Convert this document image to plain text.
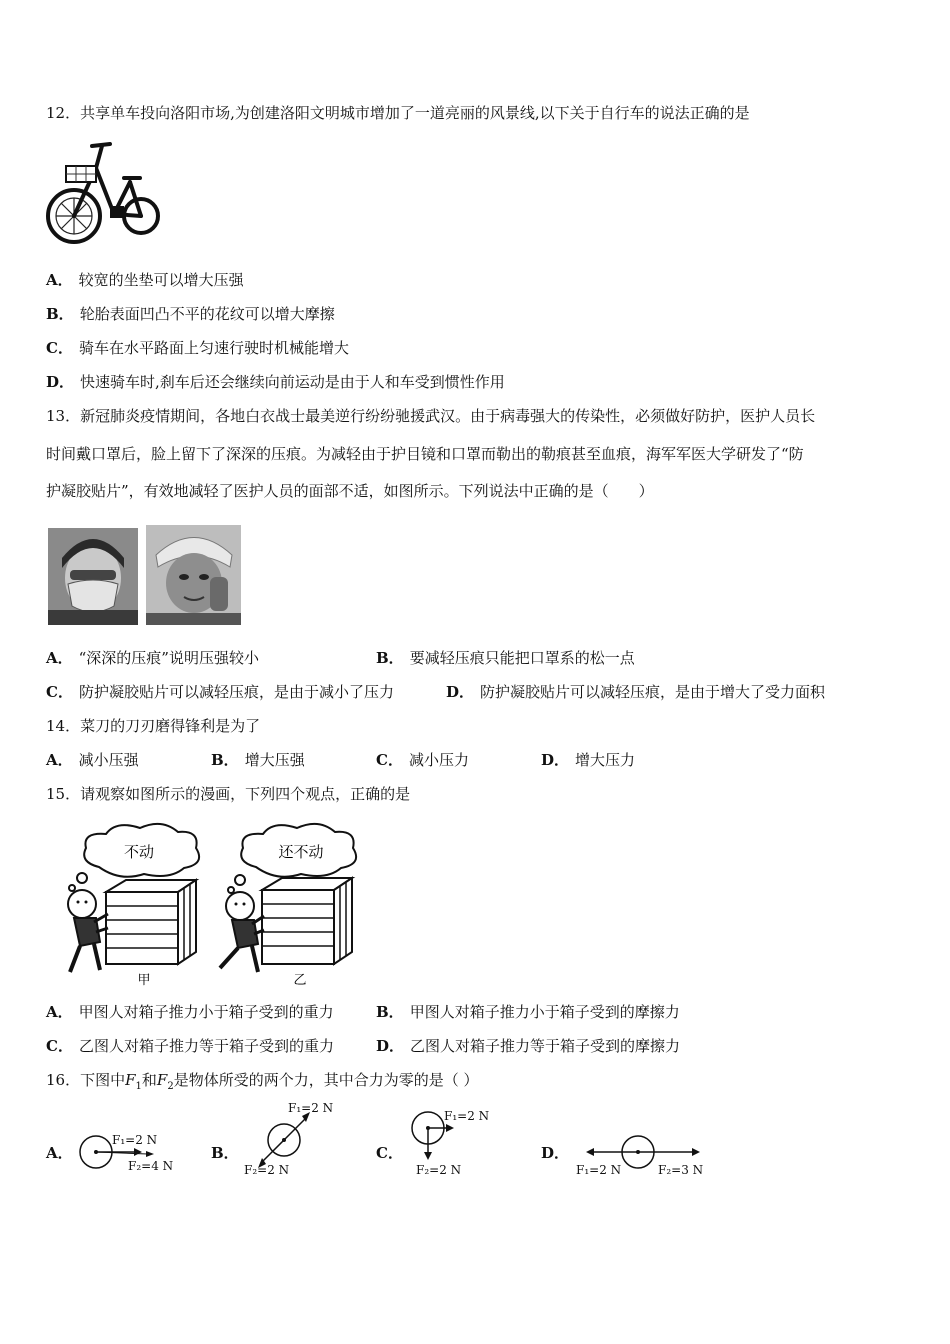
12．共享单车投向洛阳市场,为创建洛阳文明城市增加了一道亮丽的风景线,以下关于自行车的说法正确的是
A． 较宽的坐垫可以增大压强
B． 轮胎表面凹凸不平的花纹可以增大摩擦
C． 骑车在水平路面上匀速行驶时机械能增大
D． 快速骑车时,刹车后还会继续向前运动是由于人和车受到惯性作用
13．新冠肺炎疫情期间，各地白衣战士最美逆行纷纷驰援武汉。由于病毒强大的传染性，必须做好防护，医护人员长
时间戴口罩后，脸上留下了深深的压痕。为减轻由于护目镜和口罩而勒出的勒痕甚至血痕，海军军医大学研发了“防
护凝胶贴片”，有效地减轻了医护人员的面部不适，如图所示。下列说法中正确的是（　　）
A． “深深的压痕”说明压强较小	B． 要减轻压痕只能把口罩系的松一点
C． 防护凝胶贴片可以减轻压痕，是由于减小了压力	D． 防护凝胶贴片可以减轻压痕，是由于增大了受力面积
14．菜刀的刀刃磨得锋利是为了
A． 减小压强	B． 增大压强	C． 减小压力	D． 增大压力
15．请观察如图所示的漫画，下列四个观点，正确的是
不动	还不动
甲	乙
A． 甲图人对箱子推力小于箱子受到的重力	B． 甲图人对箱子推力小于箱子受到的摩擦力
C． 乙图人对箱子推力等于箱子受到的重力	D． 乙图人对箱子推力等于箱子受到的摩擦力
16．下图中$F_1$和$F_2$是物体所受的两个力，其中合力为零的是（ ）
A．
F₁=2 N
F₂=4 N
B．
F₁=2 N
F₂=2 N
C．
F₁=2 N
F₂=2 N
D．
F₁=2 N	F₂=3 N
